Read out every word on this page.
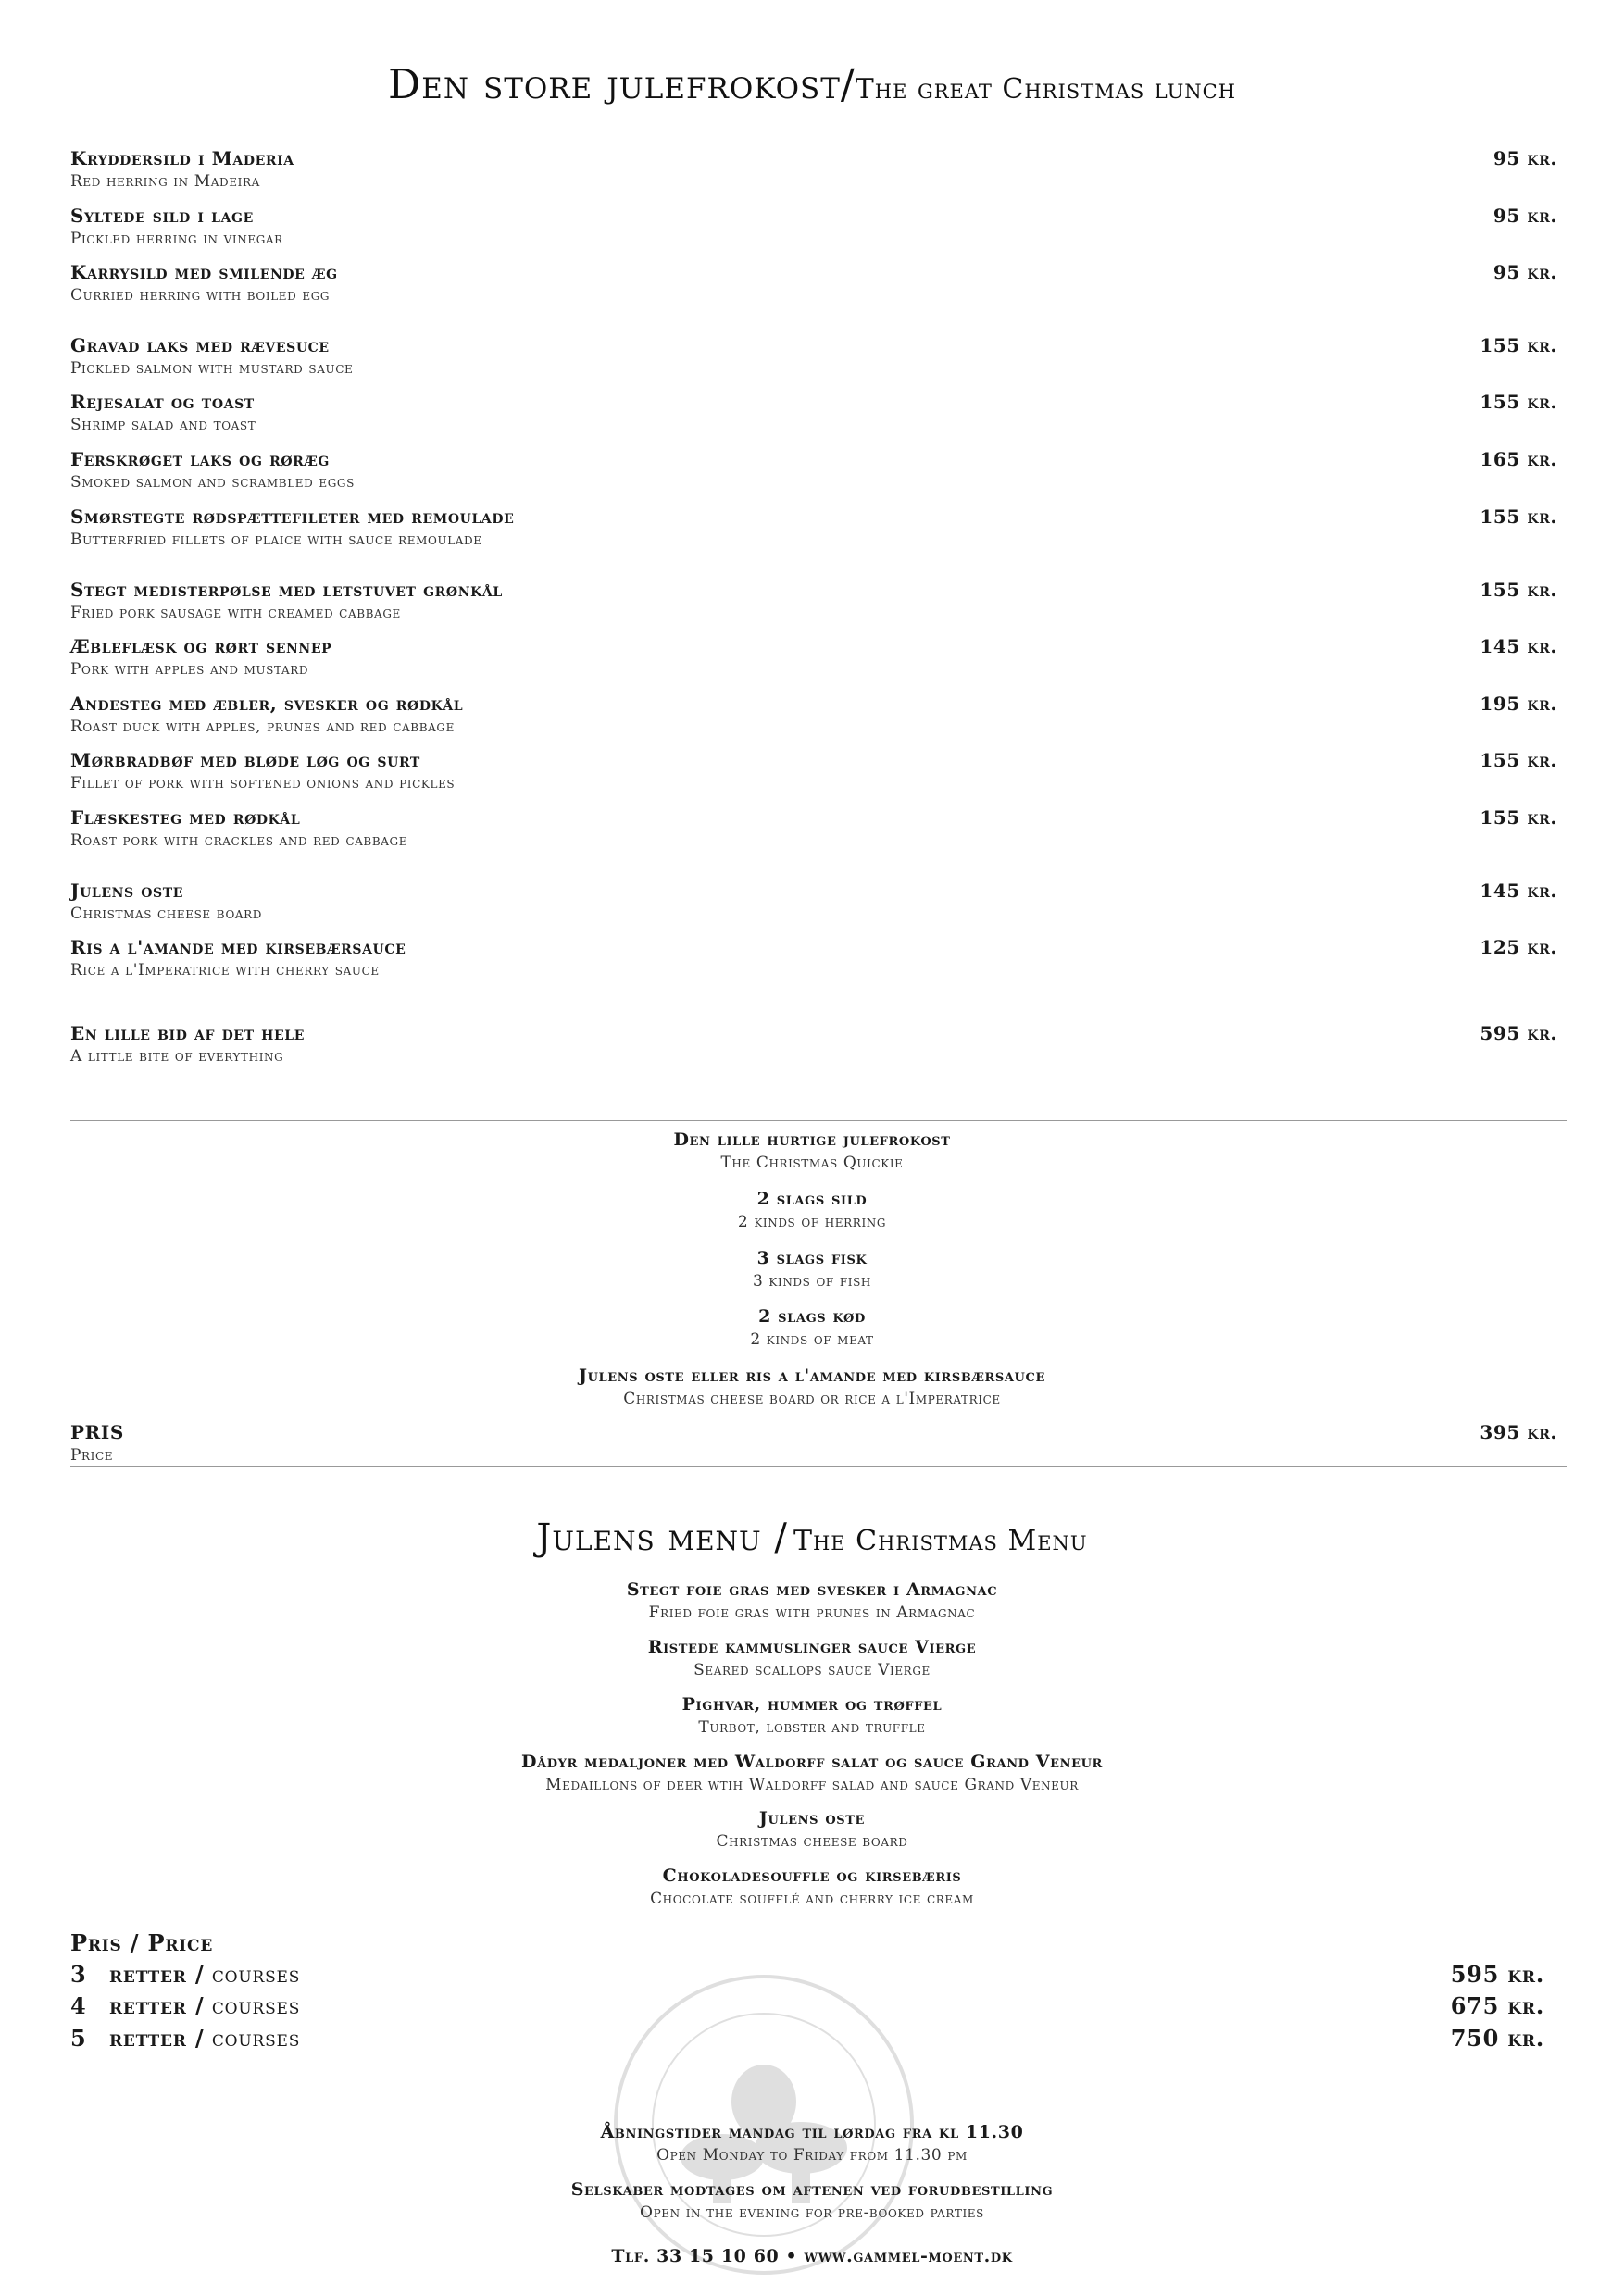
Den store julefrokost/The great Christmas lunch
Kryddersild i Maderia
Red herring in Madeira
95 kr.
Syltede sild i lage
Pickled herring in vinegar
95 kr.
Karrysild med smilende æg
Curried herring with boiled egg
95 kr.
Gravad laks med rævesuce
Pickled salmon with mustard sauce
155 kr.
Rejesalat og toast
Shrimp salad and toast
155 kr.
Ferskrøget laks og røræg
Smoked salmon and scrambled eggs
165 kr.
Smørstegte rødspættefileter med remoulade
Butterfried fillets of plaice with sauce remoulade
155 kr.
Stegt medisterpølse med letstuvet grønkål
Fried pork sausage with creamed cabbage
155 kr.
Æbleflæsk og rørt sennep
Pork with apples and mustard
145 kr.
Andesteg med æbler, svesker og rødkål
Roast duck with apples, prunes and red cabbage
195 kr.
Mørbradbøf med bløde løg og surt
Fillet of pork with softened onions and pickles
155 kr.
Flæskesteg med rødkål
Roast pork with crackles and red cabbage
155 kr.
Julens oste
Christmas cheese board
145 kr.
Ris a l'amande med kirsebærsauce
Rice a l'Imperatrice with cherry sauce
125 kr.
En lille bid af det hele
A little bite of everything
595 kr.
Den lille hurtige julefrokost
The Christmas Quickie
2 slags sild
2 kinds of herring
3 slags fisk
3 kinds of fish
2 slags kød
2 kinds of meat
Julens oste eller ris a l'amande med kirsbærsauce
Christmas cheese board or rice a l'Imperatrice
PRIS
Price
395 kr.
Julens menu / The Christmas Menu
Stegt foie gras med svesker i Armagnac
Fried foie gras with prunes in Armagnac
Ristede kammuslinger sauce Vierge
Seared scallops sauce Vierge
Pighvar, hummer og trøffel
Turbot, lobster and truffle
Dådyr medaljoner med Waldorff salat og sauce Grand Veneur
Medaillons of deer wtih Waldorff salad and sauce Grand Veneur
Julens oste
Christmas cheese board
Chokoladesouffle og kirsebæris
Chocolate soufflé and cherry ice cream
Pris / Price
3 retter / courses	595 kr.
4 retter / courses	675 kr.
5 retter / courses	750 kr.
Åbningstider mandag til lørdag fra kl 11.30
Open Monday to Friday from 11.30 pm
Selskaber modtages om aftenen ved forudbestilling
Open in the evening for pre-booked parties
Tlf. 33 15 10 60 • www.gammel-moent.dk
